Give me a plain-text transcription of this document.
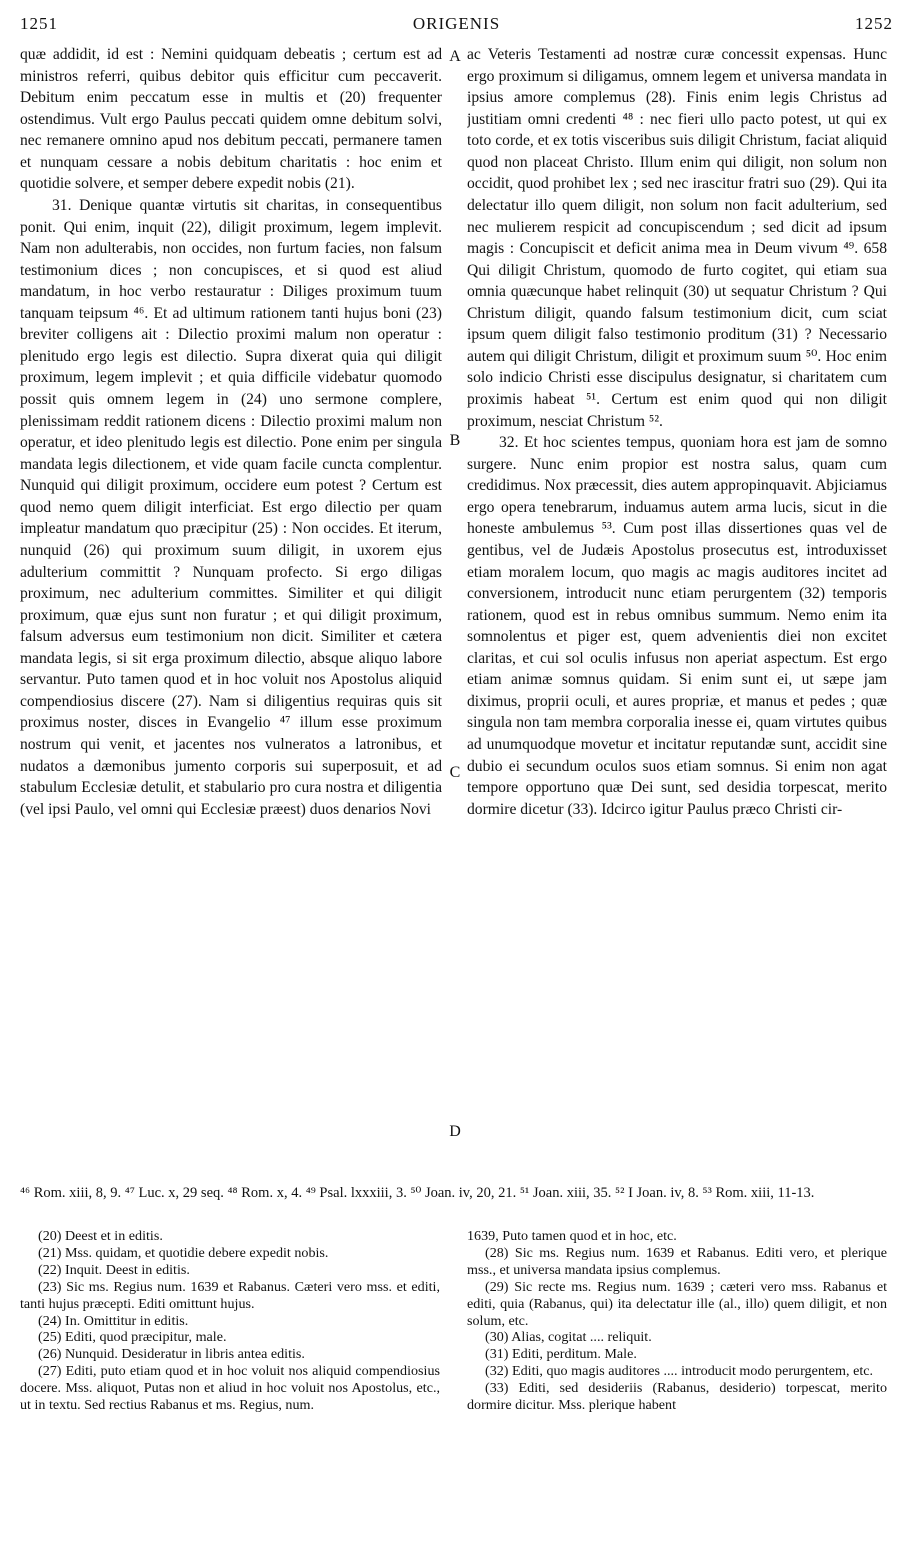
1251	ORIGENIS	1252

quæ addidit, id est : Nemini quidquam debeatis ; certum est ad ministros referri, quibus debitor quis efficitur cum peccaverit. Debitum enim peccatum esse in multis et (20) frequenter ostendimus. Vult ergo Paulus peccati quidem omne debitum solvi, nec remanere omnino apud nos debitum peccati, permanere tamen et nunquam cessare a nobis debitum charitatis : hoc enim et quotidie solvere, et semper debere expedit nobis (21).

31. Denique quantæ virtutis sit charitas, in consequentibus ponit. Qui enim, inquit (22), diligit proximum, legem implevit. Nam non adulterabis, non occides, non furtum facies, non falsum testimonium dices ; non concupisces, et si quod est aliud mandatum, in hoc verbo restauratur : Diliges proximum tuum tanquam teipsum ⁴⁶. Et ad ultimum rationem tanti hujus boni (23) breviter colligens ait : Dilectio proximi malum non operatur : plenitudo ergo legis est dilectio. Supra dixerat quia qui diligit proximum, legem implevit ; et quia difficile videbatur quomodo possit quis omnem legem in (24) uno sermone complere, plenissimam reddit rationem dicens : Dilectio proximi malum non operatur, et ideo plenitudo legis est dilectio. Pone enim per singula mandata legis dilectionem, et vide quam facile cuncta complentur. Nunquid qui diligit proximum, occidere eum potest ? Certum est quod nemo quem diligit interficiat. Est ergo dilectio per quam impleatur mandatum quo præcipitur (25) : Non occides. Et iterum, nunquid (26) qui proximum suum diligit, in uxorem ejus adulterium committit ? Nunquam profecto. Si ergo diligas proximum, nec adulterium committes. Similiter et qui diligit proximum, quæ ejus sunt non furatur ; et qui diligit proximum, falsum adversus eum testimonium non dicit. Similiter et cætera mandata legis, si sit erga proximum dilectio, absque aliquo labore servantur. Puto tamen quod et in hoc voluit nos Apostolus aliquid compendiosius discere (27). Nam si diligentius requiras quis sit proximus noster, disces in Evangelio ⁴⁷ illum esse proximum nostrum qui venit, et jacentes nos vulneratos a latronibus, et nudatos a dæmonibus jumento corporis sui superposuit, et ad stabulum Ecclesiæ detulit, et stabulario pro cura nostra et diligentia (vel ipsi Paulo, vel omni qui Ecclesiæ præest) duos denarios Novi

A
B
C
D

ac Veteris Testamenti ad nostræ curæ concessit expensas. Hunc ergo proximum si diligamus, omnem legem et universa mandata in ipsius amore complemus (28). Finis enim legis Christus ad justitiam omni credenti ⁴⁸ : nec fieri ullo pacto potest, ut qui ex toto corde, et ex totis visceribus suis diligit Christum, faciat aliquid quod non placeat Christo. Illum enim qui diligit, non solum non occidit, quod prohibet lex ; sed nec irascitur fratri suo (29). Qui ita delectatur illo quem diligit, non solum non facit adulterium, sed nec mulierem respicit ad concupiscendum ; sed dicit ad ipsum magis : Concupiscit et deficit anima mea in Deum vivum ⁴⁹. 658 Qui diligit Christum, quomodo de furto cogitet, qui etiam sua omnia quæcunque habet relinquit (30) ut sequatur Christum ? Qui Christum diligit, quando falsum testimonium dicit, cum sciat ipsum quem diligit falso testimonio proditum (31) ? Necessario autem qui diligit Christum, diligit et proximum suum ⁵⁰. Hoc enim solo indicio Christi esse discipulus designatur, si charitatem cum proximis habeat ⁵¹. Certum est enim quod qui non diligit proximum, nesciat Christum ⁵².

32. Et hoc scientes tempus, quoniam hora est jam de somno surgere. Nunc enim propior est nostra salus, quam cum credidimus. Nox præcessit, dies autem appropinquavit. Abjiciamus ergo opera tenebrarum, induamus autem arma lucis, sicut in die honeste ambulemus ⁵³. Cum post illas dissertiones quas vel de gentibus, vel de Judæis Apostolus prosecutus est, introduxisset etiam moralem locum, quo magis ac magis auditores incitet ad conversionem, introducit nunc etiam perurgentem (32) temporis rationem, quod est in rebus omnibus summum. Nemo enim ita somnolentus et piger est, quem advenientis diei non excitet claritas, et cui sol oculis infusus non aperiat aspectum. Est ergo etiam animæ somnus quidam. Si enim sunt ei, ut sæpe jam diximus, proprii oculi, et aures propriæ, et manus et pedes ; quæ singula non tam membra corporalia inesse ei, quam virtutes quibus ad unumquodque movetur et incitatur reputandæ sunt, accidit sine dubio ei secundum oculos suos etiam somnus. Si enim non agat tempore opportuno quæ Dei sunt, sed desidia torpescat, merito dormire dicetur (33). Idcirco igitur Paulus præco Christi cir-

⁴⁶ Rom. xiii, 8, 9. ⁴⁷ Luc. x, 29 seq. ⁴⁸ Rom. x, 4. ⁴⁹ Psal. lxxxiii, 3. ⁵⁰ Joan. iv, 20, 21. ⁵¹ Joan. xiii, 35. ⁵² I Joan. iv, 8. ⁵³ Rom. xiii, 11-13.

(20) Deest et in editis.

(21) Mss. quidam, et quotidie debere expedit nobis.

(22) Inquit. Deest in editis.

(23) Sic ms. Regius num. 1639 et Rabanus. Cæteri vero mss. et editi, tanti hujus præcepti. Editi omittunt hujus.

(24) In. Omittitur in editis.

(25) Editi, quod præcipitur, male.

(26) Nunquid. Desideratur in libris antea editis.

(27) Editi, puto etiam quod et in hoc voluit nos aliquid compendiosius docere. Mss. aliquot, Putas non et aliud in hoc voluit nos Apostolus, etc., ut in textu. Sed rectius Rabanus et ms. Regius, num.

1639, Puto tamen quod et in hoc, etc.

(28) Sic ms. Regius num. 1639 et Rabanus. Editi vero, et plerique mss., et universa mandata ipsius complemus.

(29) Sic recte ms. Regius num. 1639 ; cæteri vero mss. Rabanus et editi, quia (Rabanus, qui) ita delectatur ille (al., illo) quem diligit, et non solum, etc.

(30) Alias, cogitat .... reliquit.

(31) Editi, perditum. Male.

(32) Editi, quo magis auditores .... introducit modo perurgentem, etc.

(33) Editi, sed desideriis (Rabanus, desiderio) torpescat, merito dormire dicitur. Mss. plerique habent
